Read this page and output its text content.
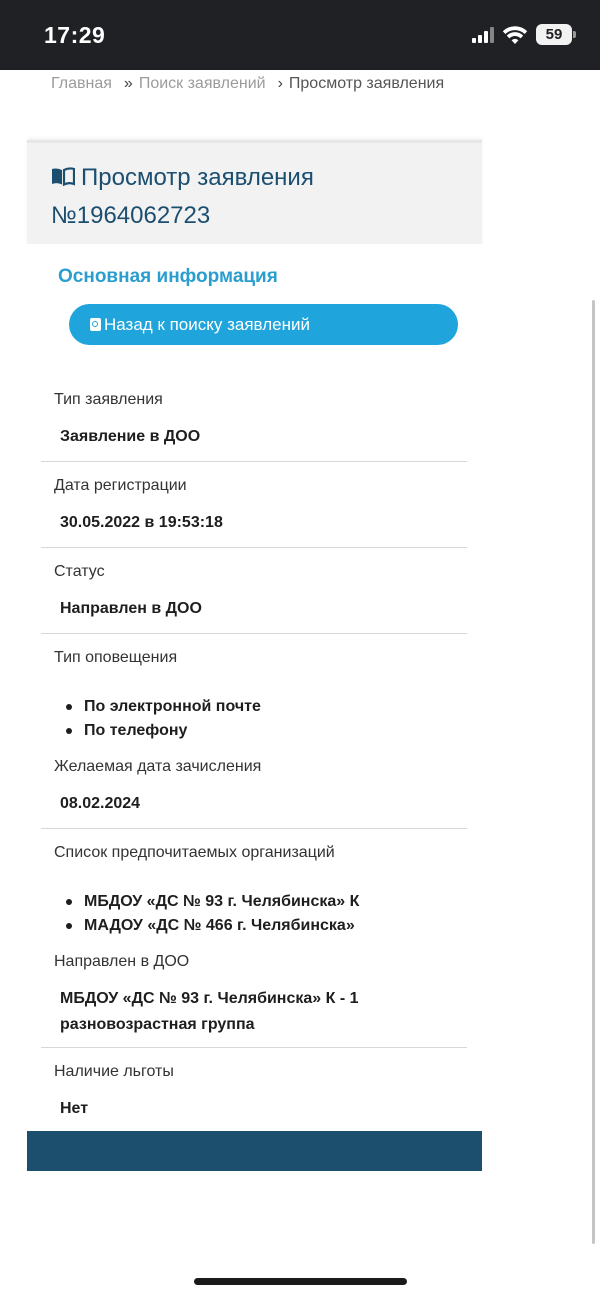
17:29	59
Главная » Поиск заявлений › Просмотр заявления
Просмотр заявления №1964062723
Основная информация
Назад к поиску заявлений
Тип заявления
Заявление в ДОО
Дата регистрации
30.05.2022 в 19:53:18
Статус
Направлен в ДОО
Тип оповещения
По электронной почте
По телефону
Желаемая дата зачисления
08.02.2024
Список предпочитаемых организаций
МБДОУ «ДС № 93 г. Челябинска» К
МАДОУ «ДС № 466 г. Челябинска»
Направлен в ДОО
МБДОУ «ДС № 93 г. Челябинска» К - 1 разновозрастная группа
Наличие льготы
Нет
